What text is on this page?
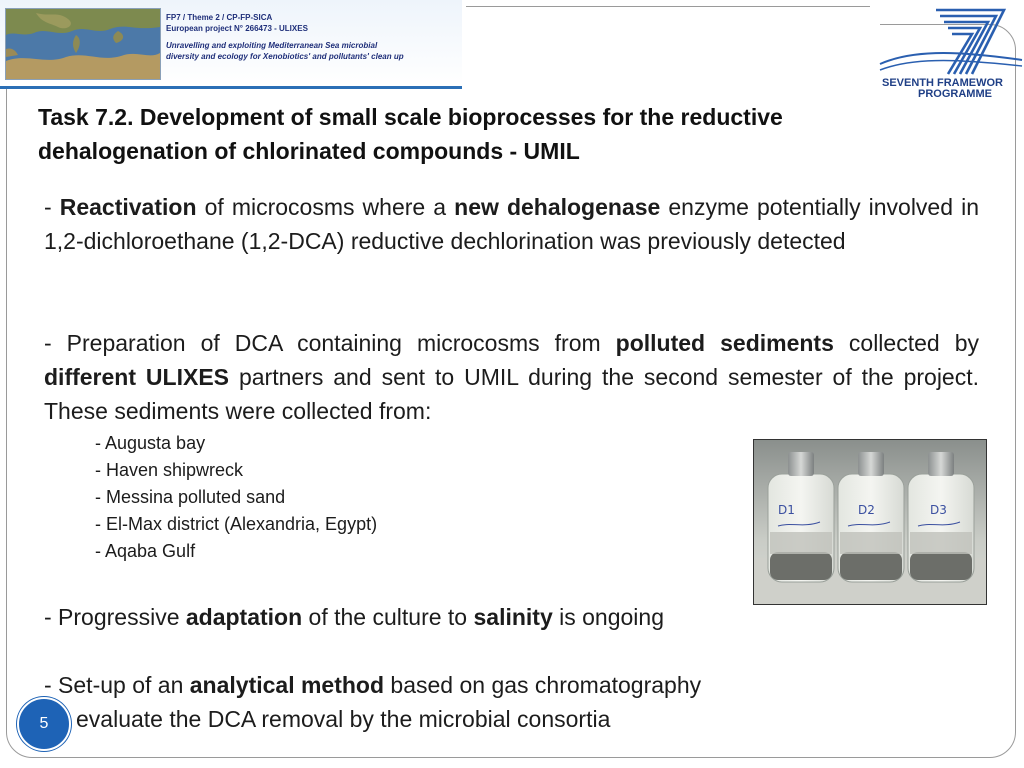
FP7 / Theme 2 / CP-FP-SICA
European project N° 266473 - ULIXES
Unravelling and exploiting Mediterranean Sea microbial
diversity and ecology for Xenobiotics' and pollutants' clean up
SEVENTH FRAMEWOR
PROGRAMME
Task 7.2. Development of small scale bioprocesses for the reductive
dehalogenation of chlorinated compounds - UMIL
- Reactivation of microcosms where a new dehalogenase enzyme potentially involved in 1,2-dichloroethane (1,2-DCA) reductive dechlorination was previously detected
- Preparation of DCA containing microcosms from polluted sediments collected by different ULIXES partners and sent to UMIL during the second semester of the project. These sediments were collected from:
- Augusta bay
- Haven shipwreck
- Messina polluted sand
- El-Max district (Alexandria, Egypt)
- Aqaba Gulf
D1	D2	D3
- Progressive adaptation of the culture to salinity is ongoing
- Set-up of an analytical method based on gas chromatography
evaluate the DCA removal by the microbial consortia
5
